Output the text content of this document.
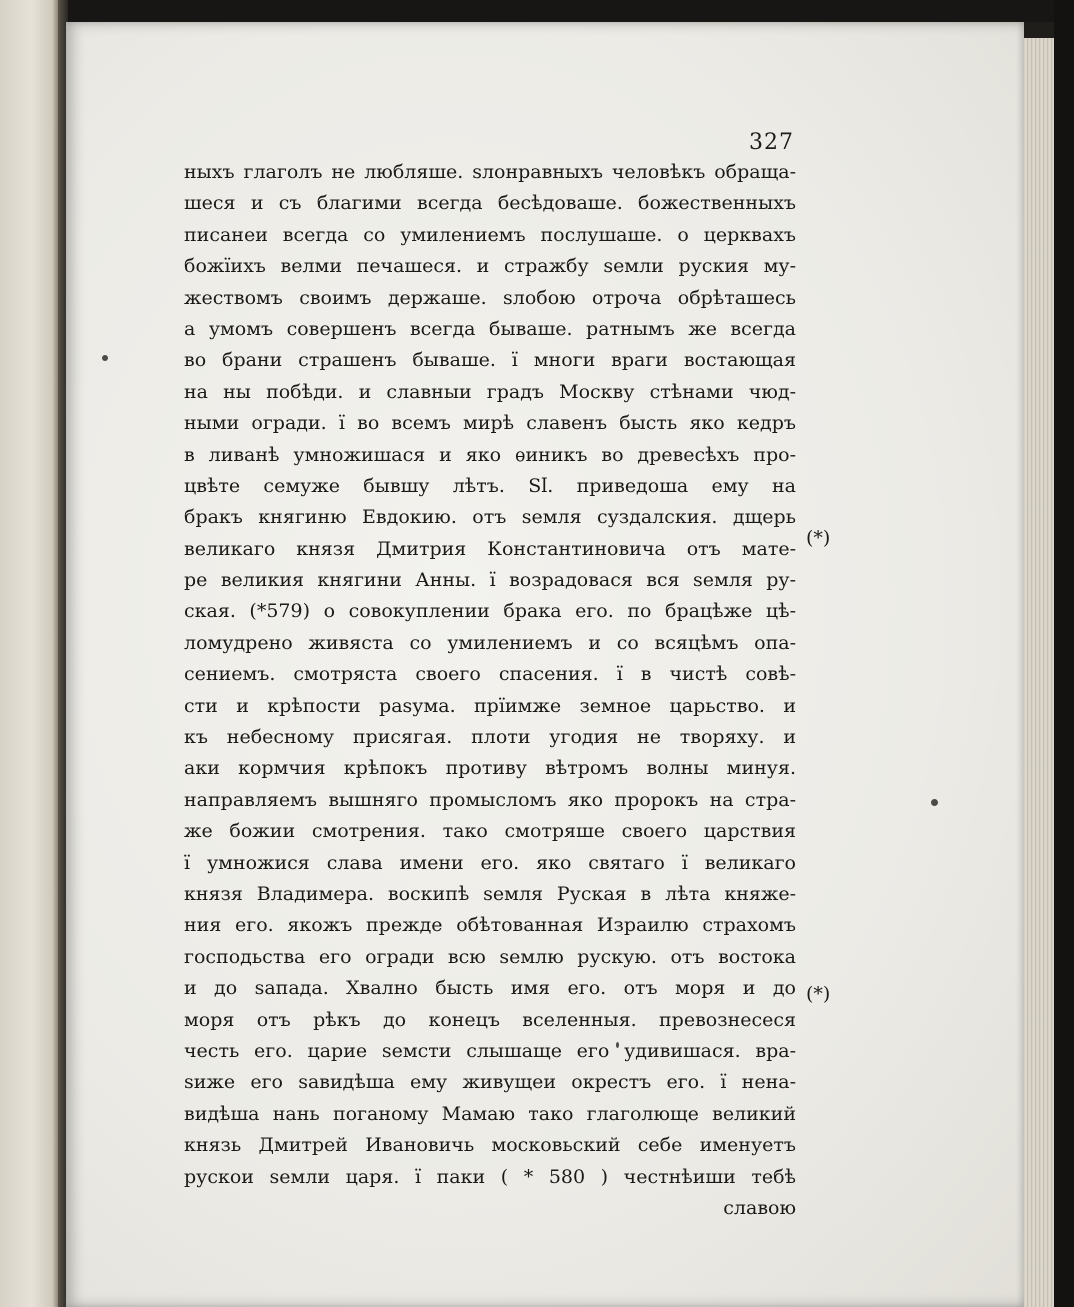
327
ныхъ глаголъ не любляше. ѕлонравныхъ человѣкъ обраща-
шеся и съ благими всегда бесѣдоваше. божественныхъ
писанеи всегда со умилениемъ послушаше. о церквахъ
божїихъ велми печашеся. и стражбу ѕемли руския му-
жествомъ своимъ держаше. ѕлобою отроча обрѣташесь
а умомъ совершенъ всегда бываше. ратнымъ же всегда
во брани страшенъ бываше. ї многи враги востающая
на ны побѣди. и славныи градъ Москву стѣнами чюд-
ными огради. ї во всемъ мирѣ славенъ бысть яко кедръ
в ливанѣ умножишася и яко ѳиникъ во древесѣхъ про-
цвѣте семуже бывшу лѣтъ. Sӏ. приведоша ему на
бракъ княгиню Евдокию. отъ ѕемля суздалския. дщерь
великаго князя Дмитрия Константиновича отъ мате-
ре великия княгини Анны. ї возрадовася вся ѕемля ру-
ская. (*579) о совокуплении брака его. по брацѣже цѣ-
ломудрено живяста со умилениемъ и со всяцѣмъ опа-
сениемъ. смотряста своего спасения. ї в чистѣ совѣ-
сти и крѣпости раѕума. прїимже земное царьство. и
къ небесному присягая. плоти угодия не творяху. и
аки кормчия крѣпокъ противу вѣтромъ волны минуя.
направляемъ вышняго промысломъ яко пророкъ на стра-
же божии смотрения. тако смотряше своего царствия
ї умножися слава имени его. яко святаго ї великаго
князя Владимера. воскипѣ ѕемля Руская в лѣта княже-
ния его. якожъ прежде обѣтованная Израилю страхомъ
господьства его огради всю ѕемлю рускую. отъ востока
и до ѕапада. Хвално бысть имя его. отъ моря и до
моря отъ рѣкъ до конецъ вселенныя. превознесеся
честь его. царие ѕемсти слышаще его удивишася. вра-
ѕиже его ѕавидѣша ему живущеи окрестъ его. ї нена-
видѣша нань поганому Мамаю тако глаголюще великий
князь Дмитрей Ивановичь московьский себе именуетъ
рускои ѕемли царя. ї паки ( * 580 ) честнѣиши тебѣ
славою
(*)
(*)
